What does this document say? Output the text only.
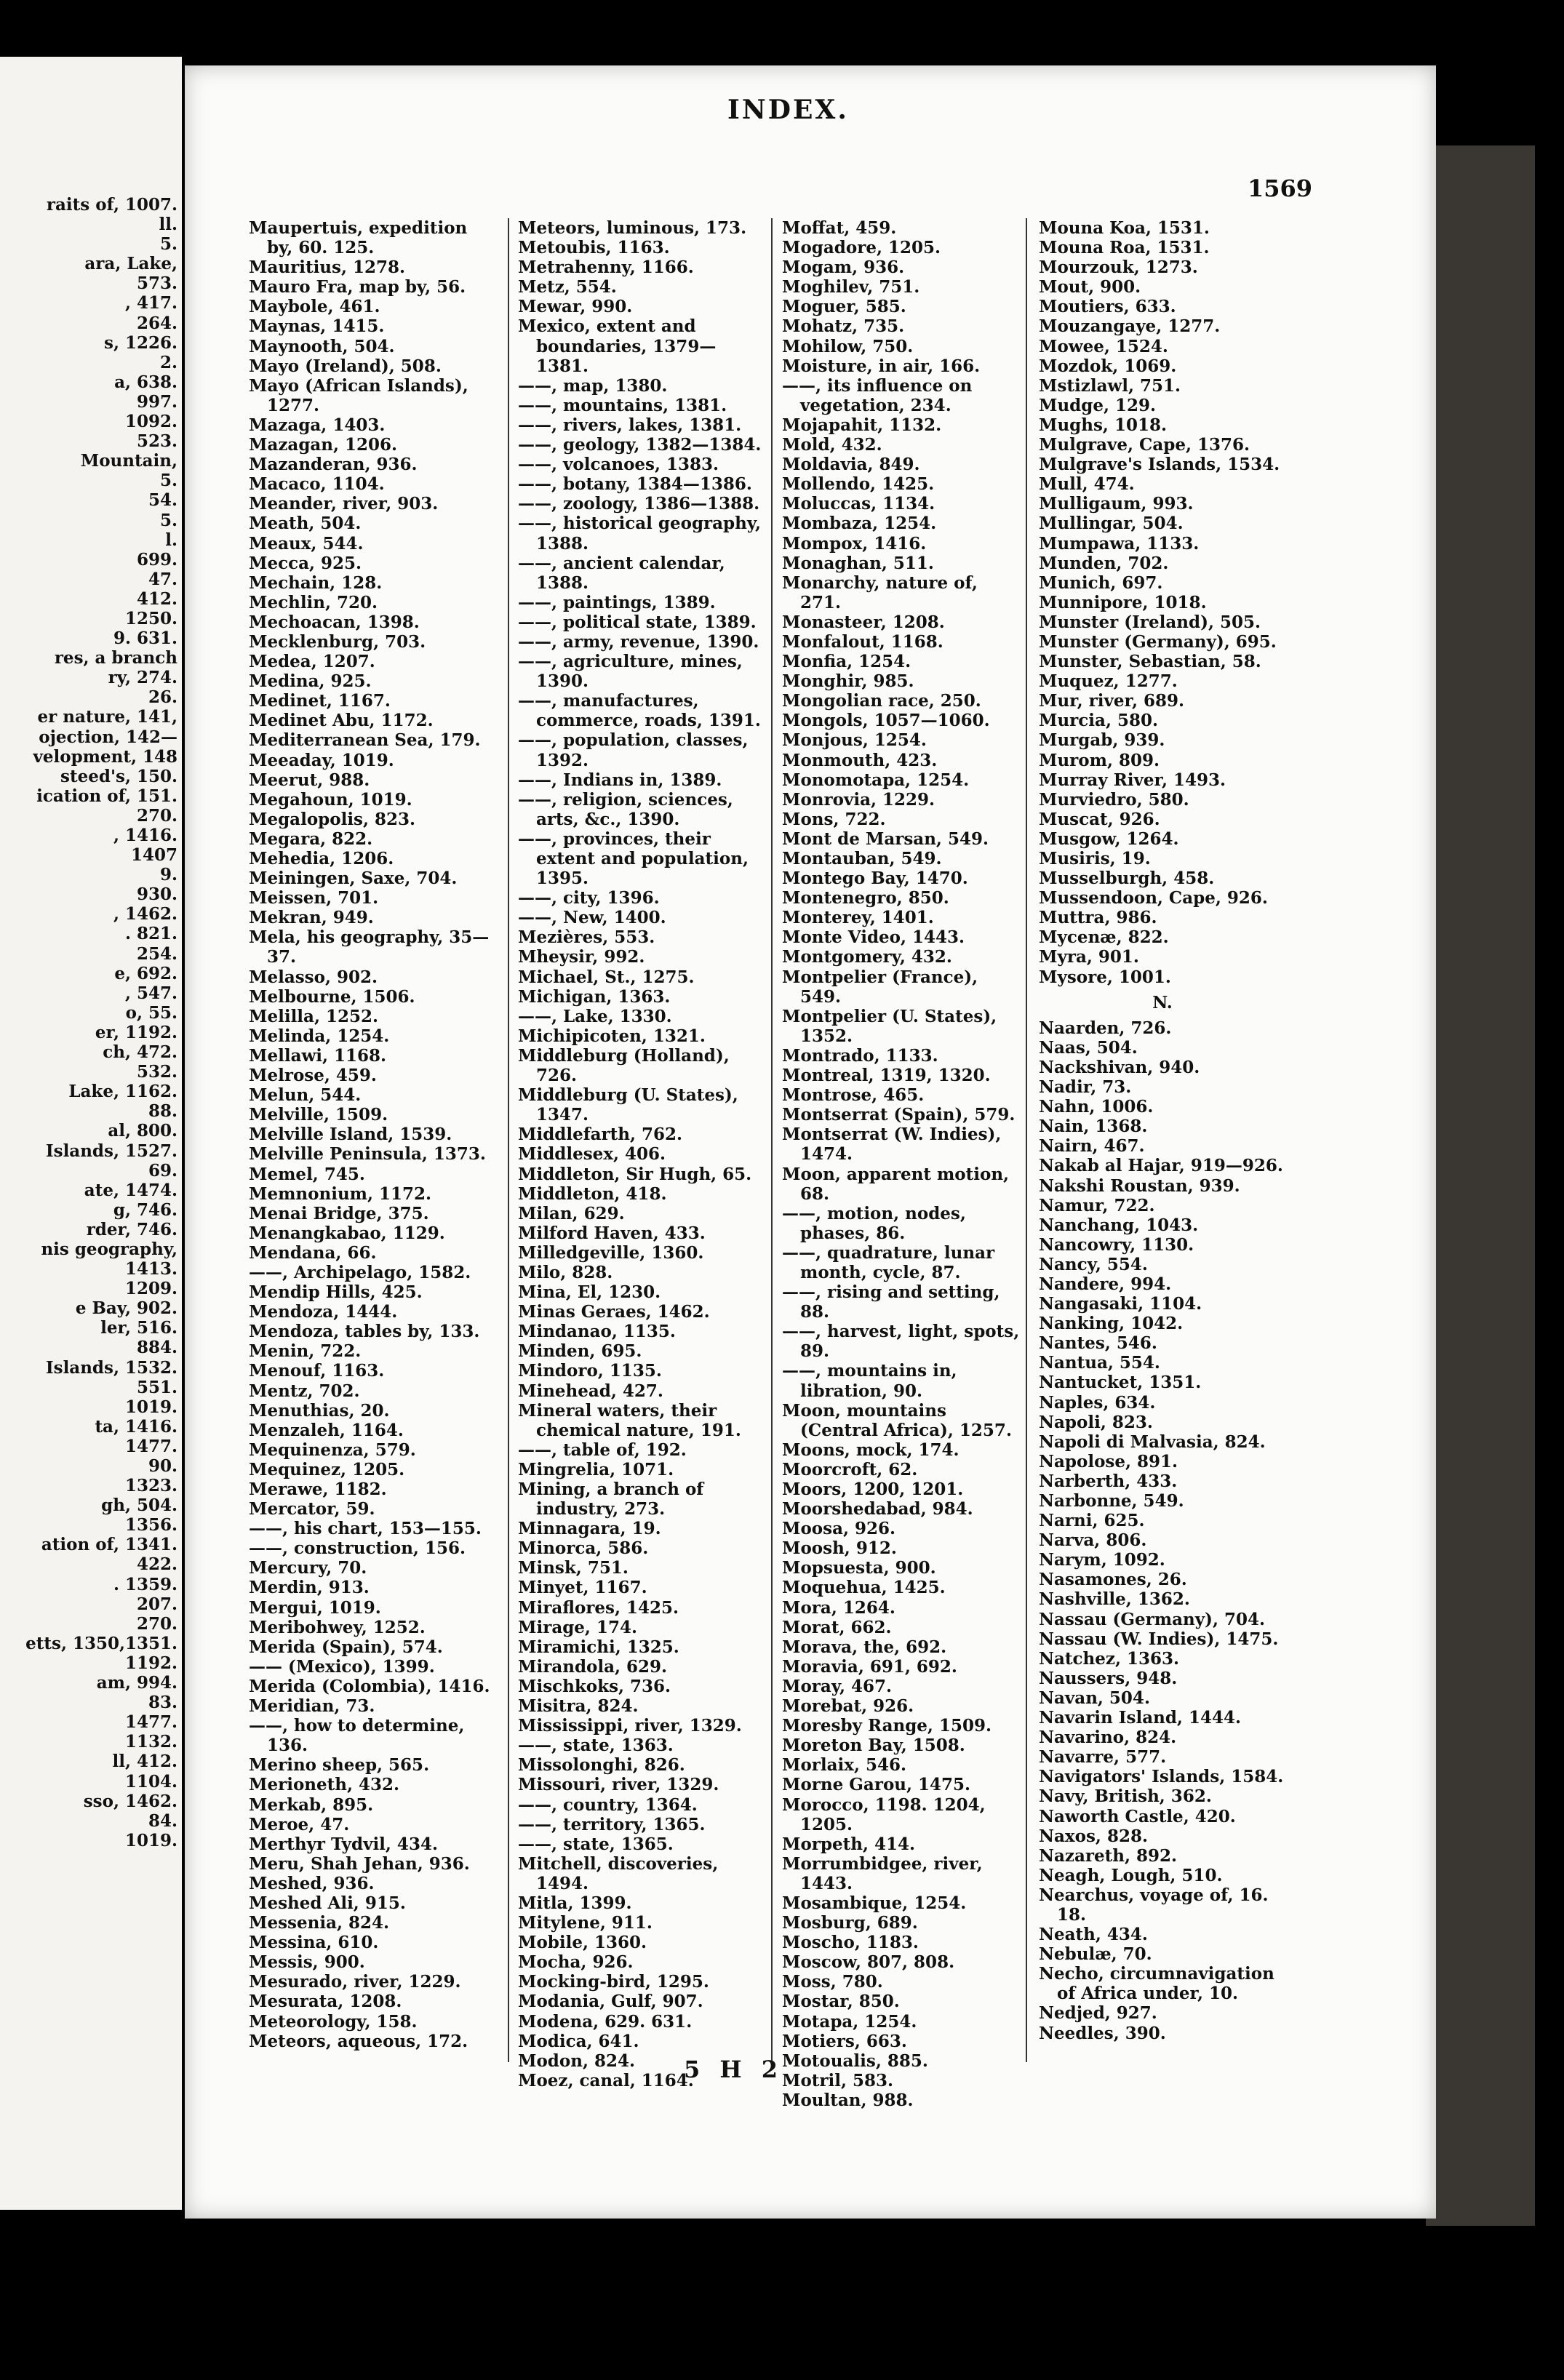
raits of, 1007.
ll.
5.
ara, Lake,
573.
, 417.
264.
s, 1226.
2.
a, 638.
997.
1092.
523.
Mountain,
5.
54.
5.
l.
699.
47.
412.
1250.
9. 631.
res, a branch
ry, 274.
26.
er nature, 141,
ojection, 142—
velopment, 148
steed's, 150.
ication of, 151.
270.
, 1416.
1407
9.
930.
, 1462.
. 821.
254.
e, 692.
, 547.
o, 55.
er, 1192.
ch, 472.
532.
Lake, 1162.
88.
al, 800.
Islands, 1527.
69.
ate, 1474.
g, 746.
rder, 746.
nis geography,
1413.
1209.
e Bay, 902.
ler, 516.
884.
Islands, 1532.
551.
1019.
ta, 1416.
1477.
90.
1323.
gh, 504.
1356.
ation of, 1341.
422.
. 1359.
207.
270.
etts, 1350,1351.
1192.
am, 994.
83.
1477.
1132.
ll, 412.
1104.
sso, 1462.
84.
1019.
INDEX.
1569
Maupertuis, expedition by, 60. 125.
Mauritius, 1278.
Mauro Fra, map by, 56.
Maybole, 461.
Maynas, 1415.
Maynooth, 504.
Mayo (Ireland), 508.
Mayo (African Islands), 1277.
Mazaga, 1403.
Mazagan, 1206.
Mazanderan, 936.
Macaco, 1104.
Meander, river, 903.
Meath, 504.
Meaux, 544.
Mecca, 925.
Mechain, 128.
Mechlin, 720.
Mechoacan, 1398.
Mecklenburg, 703.
Medea, 1207.
Medina, 925.
Medinet, 1167.
Medinet Abu, 1172.
Mediterranean Sea, 179.
Meeaday, 1019.
Meerut, 988.
Megahoun, 1019.
Megalopolis, 823.
Megara, 822.
Mehedia, 1206.
Meiningen, Saxe, 704.
Meissen, 701.
Mekran, 949.
Mela, his geography, 35—37.
Melasso, 902.
Melbourne, 1506.
Melilla, 1252.
Melinda, 1254.
Mellawi, 1168.
Melrose, 459.
Melun, 544.
Melville, 1509.
Melville Island, 1539.
Melville Peninsula, 1373.
Memel, 745.
Memnonium, 1172.
Menai Bridge, 375.
Menangkabao, 1129.
Mendana, 66.
——, Archipelago, 1582.
Mendip Hills, 425.
Mendoza, 1444.
Mendoza, tables by, 133.
Menin, 722.
Menouf, 1163.
Mentz, 702.
Menuthias, 20.
Menzaleh, 1164.
Mequinenza, 579.
Mequinez, 1205.
Merawe, 1182.
Mercator, 59.
——, his chart, 153—155.
——, construction, 156.
Mercury, 70.
Merdin, 913.
Mergui, 1019.
Meribohwey, 1252.
Merida (Spain), 574.
—— (Mexico), 1399.
Merida (Colombia), 1416.
Meridian, 73.
——, how to determine, 136.
Merino sheep, 565.
Merioneth, 432.
Merkab, 895.
Meroe, 47.
Merthyr Tydvil, 434.
Meru, Shah Jehan, 936.
Meshed, 936.
Meshed Ali, 915.
Messenia, 824.
Messina, 610.
Messis, 900.
Mesurado, river, 1229.
Mesurata, 1208.
Meteorology, 158.
Meteors, aqueous, 172.
Meteors, luminous, 173.
Metoubis, 1163.
Metrahenny, 1166.
Metz, 554.
Mewar, 990.
Mexico, extent and boundaries, 1379—1381.
——, map, 1380.
——, mountains, 1381.
——, rivers, lakes, 1381.
——, geology, 1382—1384.
——, volcanoes, 1383.
——, botany, 1384—1386.
——, zoology, 1386—1388.
——, historical geography, 1388.
——, ancient calendar, 1388.
——, paintings, 1389.
——, political state, 1389.
——, army, revenue, 1390.
——, agriculture, mines, 1390.
——, manufactures, commerce, roads, 1391.
——, population, classes, 1392.
——, Indians in, 1389.
——, religion, sciences, arts, &c., 1390.
——, provinces, their extent and population, 1395.
——, city, 1396.
——, New, 1400.
Mezières, 553.
Mheysir, 992.
Michael, St., 1275.
Michigan, 1363.
——, Lake, 1330.
Michipicoten, 1321.
Middleburg (Holland), 726.
Middleburg (U. States), 1347.
Middlefarth, 762.
Middlesex, 406.
Middleton, Sir Hugh, 65.
Middleton, 418.
Milan, 629.
Milford Haven, 433.
Milledgeville, 1360.
Milo, 828.
Mina, El, 1230.
Minas Geraes, 1462.
Mindanao, 1135.
Minden, 695.
Mindoro, 1135.
Minehead, 427.
Mineral waters, their chemical nature, 191.
——, table of, 192.
Mingrelia, 1071.
Mining, a branch of industry, 273.
Minnagara, 19.
Minorca, 586.
Minsk, 751.
Minyet, 1167.
Miraflores, 1425.
Mirage, 174.
Miramichi, 1325.
Mirandola, 629.
Mischkoks, 736.
Misitra, 824.
Mississippi, river, 1329.
——, state, 1363.
Missolonghi, 826.
Missouri, river, 1329.
——, country, 1364.
——, territory, 1365.
——, state, 1365.
Mitchell, discoveries, 1494.
Mitla, 1399.
Mitylene, 911.
Mobile, 1360.
Mocha, 926.
Mocking-bird, 1295.
Modania, Gulf, 907.
Modena, 629. 631.
Modica, 641.
Modon, 824.
Moez, canal, 1164.
Moffat, 459.
Mogadore, 1205.
Mogam, 936.
Moghilev, 751.
Moguer, 585.
Mohatz, 735.
Mohilow, 750.
Moisture, in air, 166.
——, its influence on vegetation, 234.
Mojapahit, 1132.
Mold, 432.
Moldavia, 849.
Mollendo, 1425.
Moluccas, 1134.
Mombaza, 1254.
Mompox, 1416.
Monaghan, 511.
Monarchy, nature of, 271.
Monasteer, 1208.
Monfalout, 1168.
Monfia, 1254.
Monghir, 985.
Mongolian race, 250.
Mongols, 1057—1060.
Monjous, 1254.
Monmouth, 423.
Monomotapa, 1254.
Monrovia, 1229.
Mons, 722.
Mont de Marsan, 549.
Montauban, 549.
Montego Bay, 1470.
Montenegro, 850.
Monterey, 1401.
Monte Video, 1443.
Montgomery, 432.
Montpelier (France), 549.
Montpelier (U. States), 1352.
Montrado, 1133.
Montreal, 1319, 1320.
Montrose, 465.
Montserrat (Spain), 579.
Montserrat (W. Indies), 1474.
Moon, apparent motion, 68.
——, motion, nodes, phases, 86.
——, quadrature, lunar month, cycle, 87.
——, rising and setting, 88.
——, harvest, light, spots, 89.
——, mountains in, libration, 90.
Moon, mountains (Central Africa), 1257.
Moons, mock, 174.
Moorcroft, 62.
Moors, 1200, 1201.
Moorshedabad, 984.
Moosa, 926.
Moosh, 912.
Mopsuesta, 900.
Moquehua, 1425.
Mora, 1264.
Morat, 662.
Morava, the, 692.
Moravia, 691, 692.
Moray, 467.
Morebat, 926.
Moresby Range, 1509.
Moreton Bay, 1508.
Morlaix, 546.
Morne Garou, 1475.
Morocco, 1198. 1204, 1205.
Morpeth, 414.
Morrumbidgee, river, 1443.
Mosambique, 1254.
Mosburg, 689.
Moscho, 1183.
Moscow, 807, 808.
Moss, 780.
Mostar, 850.
Motapa, 1254.
Motiers, 663.
Motoualis, 885.
Motril, 583.
Moultan, 988.
Mouna Koa, 1531.
Mouna Roa, 1531.
Mourzouk, 1273.
Mout, 900.
Moutiers, 633.
Mouzangaye, 1277.
Mowee, 1524.
Mozdok, 1069.
Mstizlawl, 751.
Mudge, 129.
Mughs, 1018.
Mulgrave, Cape, 1376.
Mulgrave's Islands, 1534.
Mull, 474.
Mulligaum, 993.
Mullingar, 504.
Mumpawa, 1133.
Munden, 702.
Munich, 697.
Munnipore, 1018.
Munster (Ireland), 505.
Munster (Germany), 695.
Munster, Sebastian, 58.
Muquez, 1277.
Mur, river, 689.
Murcia, 580.
Murgab, 939.
Murom, 809.
Murray River, 1493.
Murviedro, 580.
Muscat, 926.
Musgow, 1264.
Musiris, 19.
Musselburgh, 458.
Mussendoon, Cape, 926.
Muttra, 986.
Mycenæ, 822.
Myra, 901.
Mysore, 1001.
N.
Naarden, 726.
Naas, 504.
Nackshivan, 940.
Nadir, 73.
Nahn, 1006.
Nain, 1368.
Nairn, 467.
Nakab al Hajar, 919—926.
Nakshi Roustan, 939.
Namur, 722.
Nanchang, 1043.
Nancowry, 1130.
Nancy, 554.
Nandere, 994.
Nangasaki, 1104.
Nanking, 1042.
Nantes, 546.
Nantua, 554.
Nantucket, 1351.
Naples, 634.
Napoli, 823.
Napoli di Malvasia, 824.
Napolose, 891.
Narberth, 433.
Narbonne, 549.
Narni, 625.
Narva, 806.
Narym, 1092.
Nasamones, 26.
Nashville, 1362.
Nassau (Germany), 704.
Nassau (W. Indies), 1475.
Natchez, 1363.
Naussers, 948.
Navan, 504.
Navarin Island, 1444.
Navarino, 824.
Navarre, 577.
Navigators' Islands, 1584.
Navy, British, 362.
Naworth Castle, 420.
Naxos, 828.
Nazareth, 892.
Neagh, Lough, 510.
Nearchus, voyage of, 16. 18.
Neath, 434.
Nebulæ, 70.
Necho, circumnavigation of Africa under, 10.
Nedjed, 927.
Needles, 390.
5 H 2
